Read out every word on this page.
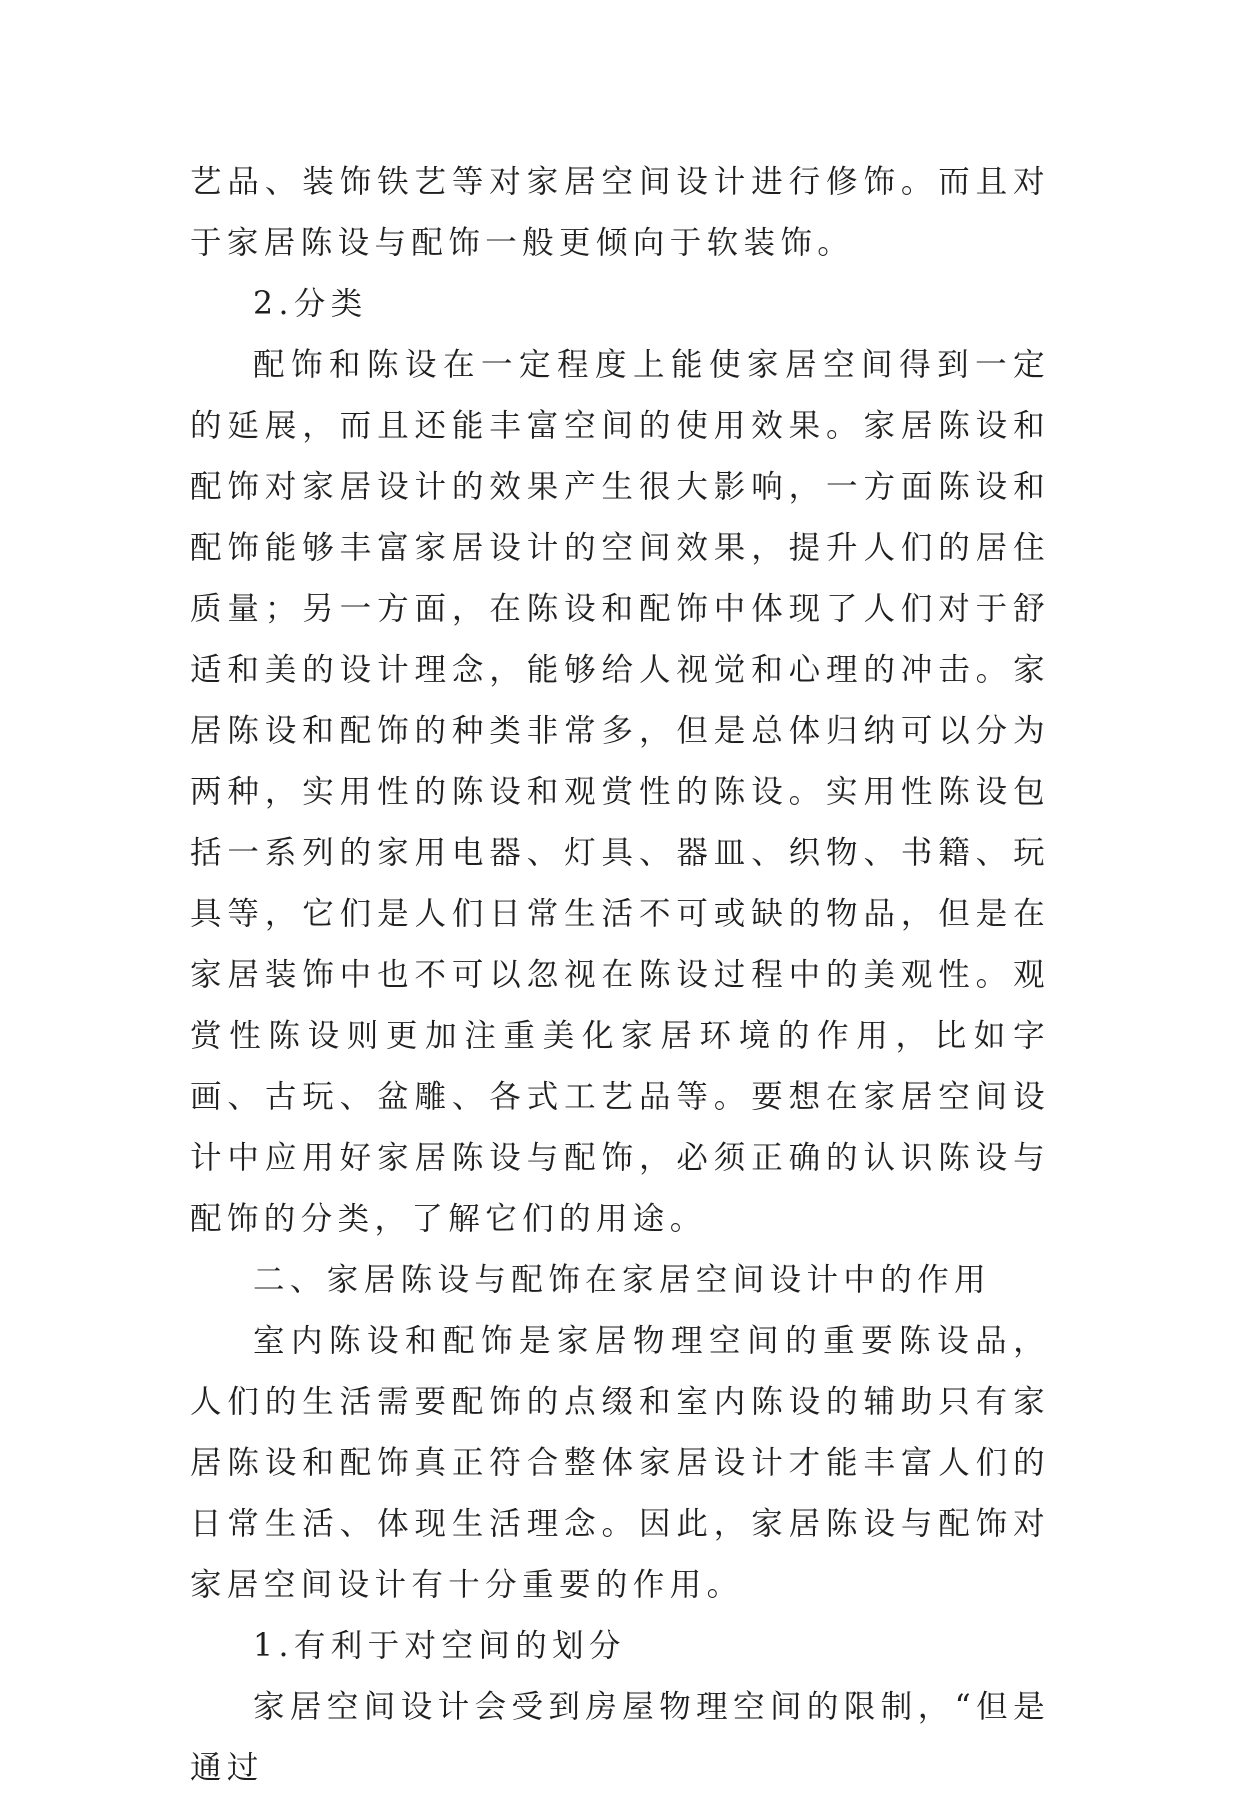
艺品、装饰铁艺等对家居空间设计进行修饰。而且对于家居陈设与配饰一般更倾向于软装饰。

2.分类

配饰和陈设在一定程度上能使家居空间得到一定的延展，而且还能丰富空间的使用效果。家居陈设和配饰对家居设计的效果产生很大影响，一方面陈设和配饰能够丰富家居设计的空间效果，提升人们的居住质量；另一方面，在陈设和配饰中体现了人们对于舒适和美的设计理念，能够给人视觉和心理的冲击。家居陈设和配饰的种类非常多，但是总体归纳可以分为两种，实用性的陈设和观赏性的陈设。实用性陈设包括一系列的家用电器、灯具、器皿、织物、书籍、玩具等，它们是人们日常生活不可或缺的物品，但是在家居装饰中也不可以忽视在陈设过程中的美观性。观赏性陈设则更加注重美化家居环境的作用，比如字画、古玩、盆雕、各式工艺品等。要想在家居空间设计中应用好家居陈设与配饰，必须正确的认识陈设与配饰的分类，了解它们的用途。

二、家居陈设与配饰在家居空间设计中的作用

室内陈设和配饰是家居物理空间的重要陈设品，人们的生活需要配饰的点缀和室内陈设的辅助只有家居陈设和配饰真正符合整体家居设计才能丰富人们的日常生活、体现生活理念。因此，家居陈设与配饰对家居空间设计有十分重要的作用。

1.有利于对空间的划分

家居空间设计会受到房屋物理空间的限制，“但是通过
